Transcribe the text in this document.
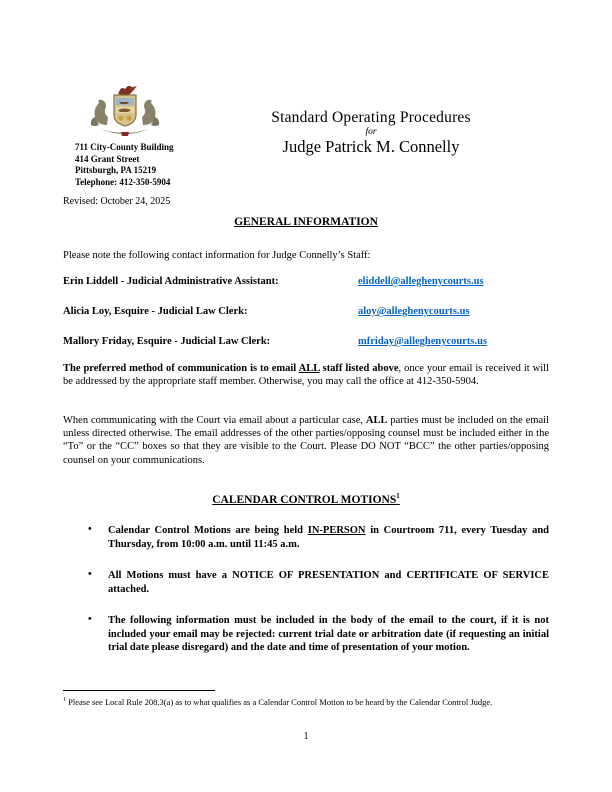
711 City-County Building
414 Grant Street
Pittsburgh, PA 15219
Telephone: 412-350-5904
Revised: October 24, 2025
Standard Operating Procedures
for
Judge Patrick M. Connelly
GENERAL INFORMATION
Please note the following contact information for Judge Connelly’s Staff:
Erin Liddell - Judicial Administrative Assistant:	eliddell@alleghenycourts.us
Alicia Loy, Esquire - Judicial Law Clerk:	aloy@alleghenycourts.us
Mallory Friday, Esquire - Judicial Law Clerk:	mfriday@alleghenycourts.us
The preferred method of communication is to email ALL staff listed above, once your email is received it will be addressed by the appropriate staff member. Otherwise, you may call the office at 412-350-5904.
When communicating with the Court via email about a particular case, ALL parties must be included on the email unless directed otherwise. The email addresses of the other parties/opposing counsel must be included either in the “To” or the “CC” boxes so that they are visible to the Court. Please DO NOT “BCC” the other parties/opposing counsel on your communications.
CALENDAR CONTROL MOTIONS$^1$
• Calendar Control Motions are being held IN-PERSON in Courtroom 711, every Tuesday and Thursday, from 10:00 a.m. until 11:45 a.m.
• All Motions must have a NOTICE OF PRESENTATION and CERTIFICATE OF SERVICE attached.
• The following information must be included in the body of the email to the court, if it is not included your email may be rejected: current trial date or arbitration date (if requesting an initial trial date please disregard) and the date and time of presentation of your motion.
$^1$ Please see Local Rule 208.3(a) as to what qualifies as a Calendar Control Motion to be heard by the Calendar Control Judge.
1
